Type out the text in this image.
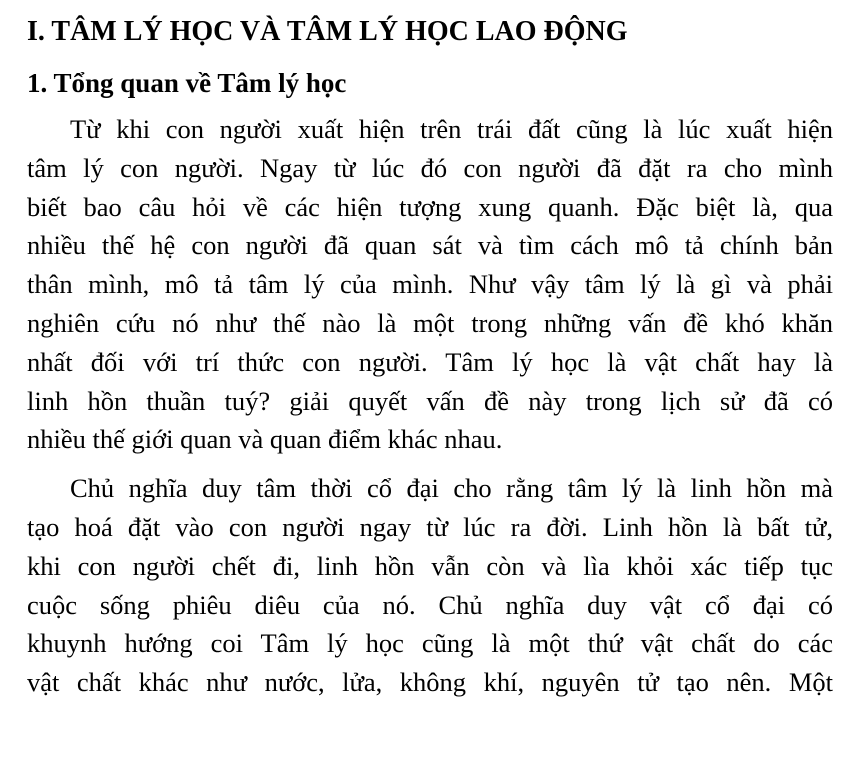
I. TÂM LÝ HỌC VÀ TÂM LÝ HỌC LAO ĐỘNG
1. Tổng quan về Tâm lý học

Từ khi con người xuất hiện trên trái đất cũng là lúc xuất hiện
tâm lý con người. Ngay từ lúc đó con người đã đặt ra cho mình
biết bao câu hỏi về các hiện tượng xung quanh. Đặc biệt là, qua
nhiều thế hệ con người đã quan sát và tìm cách mô tả chính bản
thân mình, mô tả tâm lý của mình. Như vậy tâm lý là gì và phải
nghiên cứu nó như thế nào là một trong những vấn đề khó khăn
nhất đối với trí thức con người. Tâm lý học là vật chất hay là
linh hồn thuần tuý? giải quyết vấn đề này trong lịch sử đã có
nhiều thế giới quan và quan điểm khác nhau.

Chủ nghĩa duy tâm thời cổ đại cho rằng tâm lý là linh hồn mà
tạo hoá đặt vào con người ngay từ lúc ra đời. Linh hồn là bất tử,
khi con người chết đi, linh hồn vẫn còn và lìa khỏi xác tiếp tục
cuộc sống phiêu diêu của nó. Chủ nghĩa duy vật cổ đại có
khuynh hướng coi Tâm lý học cũng là một thứ vật chất do các
vật chất khác như nước, lửa, không khí, nguyên tử tạo nên. Một
